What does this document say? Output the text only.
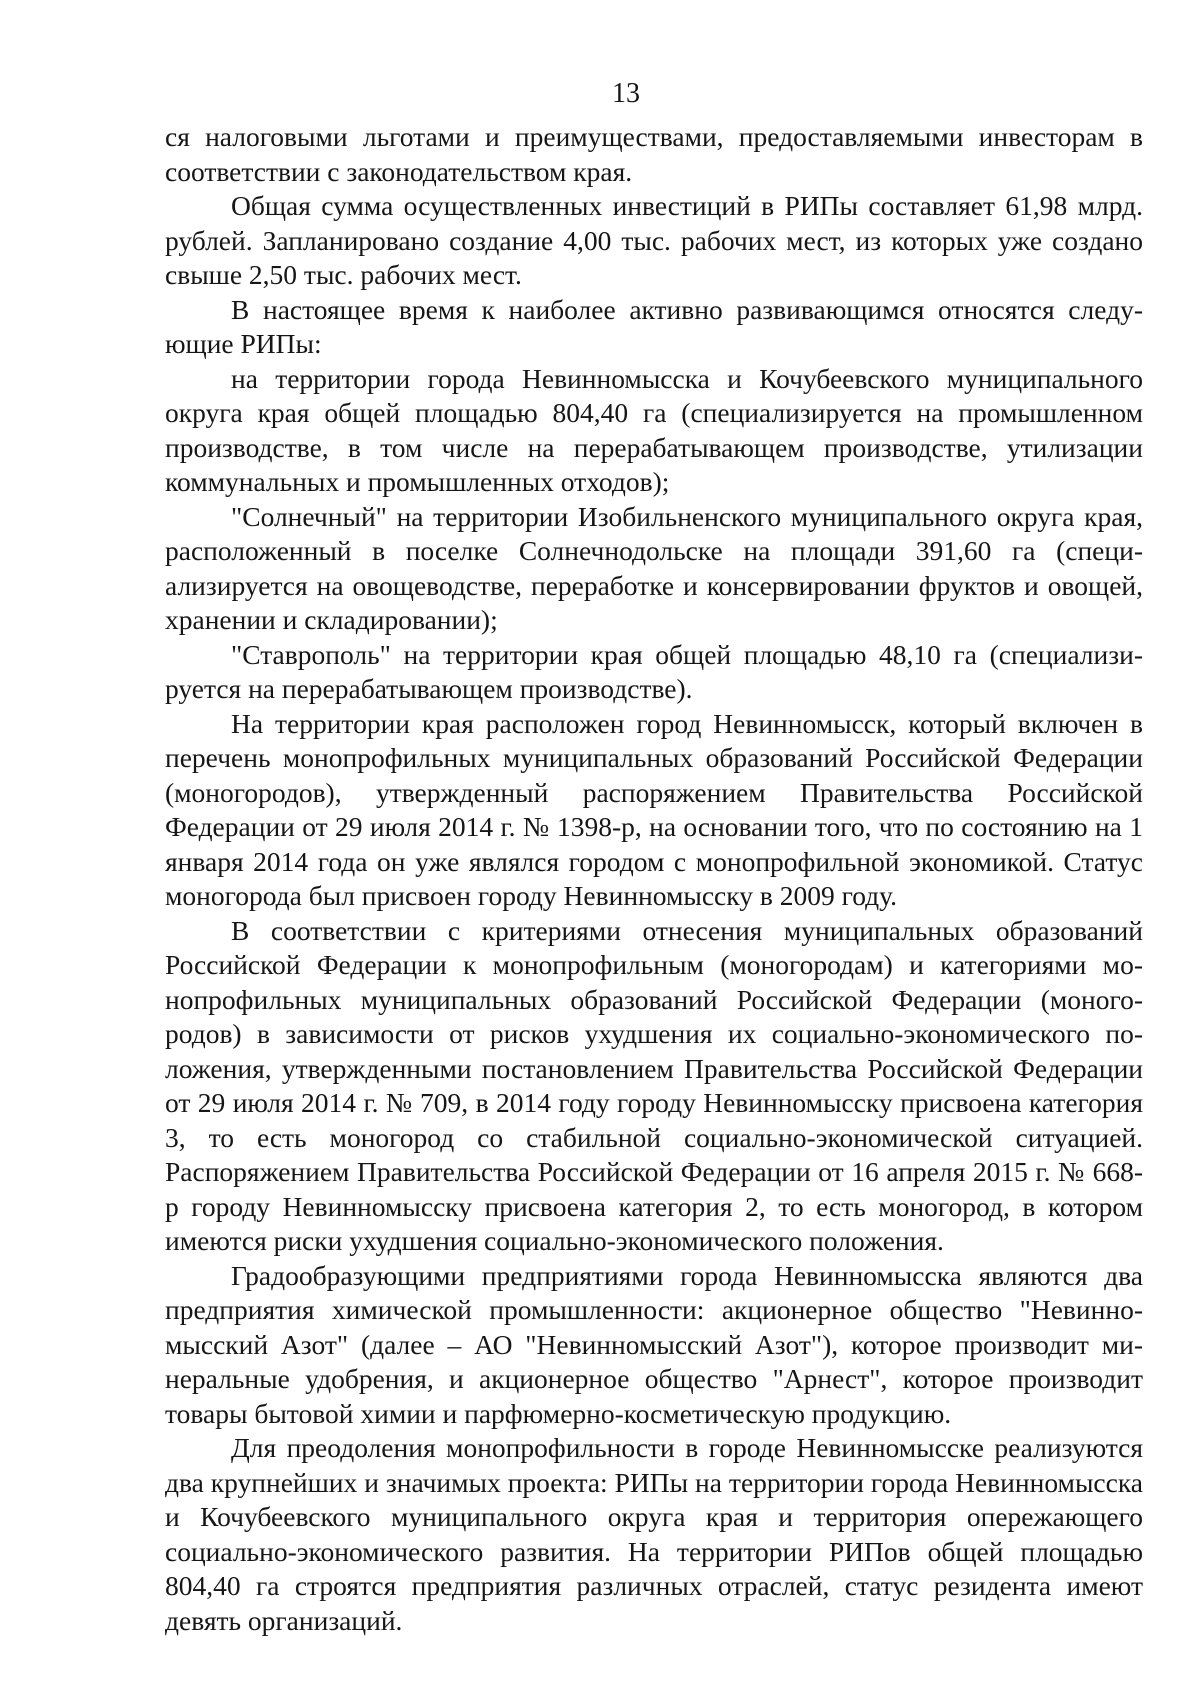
13

ся налоговыми льготами и преимуществами, предоставляемыми инвесторам в соответствии с законодательством края.

Общая сумма осуществленных инвестиций в РИПы составляет 61,98 млрд. рублей. Запланировано создание 4,00 тыс. рабочих мест, из которых уже создано свыше 2,50 тыс. рабочих мест.

В настоящее время к наиболее активно развивающимся относятся следующие РИПы:

на территории города Невинномысска и Кочубеевского муниципального округа края общей площадью 804,40 га (специализируется на промышленном производстве, в том числе на перерабатывающем производстве, утилизации коммунальных и промышленных отходов);

"Солнечный" на территории Изобильненского муниципального округа края, расположенный в поселке Солнечнодольске на площади 391,60 га (специализируется на овощеводстве, переработке и консервировании фруктов и овощей, хранении и складировании);

"Ставрополь" на территории края общей площадью 48,10 га (специализируется на перерабатывающем производстве).

На территории края расположен город Невинномысск, который включен в перечень монопрофильных муниципальных образований Российской Федерации (моногородов), утвержденный распоряжением Правительства Российской Федерации от 29 июля 2014 г. № 1398-р, на основании того, что по состоянию на 1 января 2014 года он уже являлся городом с монопрофильной экономикой. Статус моногорода был присвоен городу Невинномысску в 2009 году.

В соответствии с критериями отнесения муниципальных образований Российской Федерации к монопрофильным (моногородам) и категориями монопрофильных муниципальных образований Российской Федерации (моногородов) в зависимости от рисков ухудшения их социально-экономического положения, утвержденными постановлением Правительства Российской Федерации от 29 июля 2014 г. № 709, в 2014 году городу Невинномысску присвоена категория 3, то есть моногород со стабильной социально-экономической ситуацией. Распоряжением Правительства Российской Федерации от 16 апреля 2015 г. № 668-р городу Невинномысску присвоена категория 2, то есть моногород, в котором имеются риски ухудшения социально-экономического положения.

Градообразующими предприятиями города Невинномысска являются два предприятия химической промышленности: акционерное общество "Невинномысский Азот" (далее – АО "Невинномысский Азот"), которое производит минеральные удобрения, и акционерное общество "Арнест", которое производит товары бытовой химии и парфюмерно-косметическую продукцию.

Для преодоления монопрофильности в городе Невинномысске реализуются два крупнейших и значимых проекта: РИПы на территории города Невинномысска и Кочубеевского муниципального округа края и территория опережающего социально-экономического развития. На территории РИПов общей площадью 804,40 га строятся предприятия различных отраслей, статус резидента имеют девять организаций.
